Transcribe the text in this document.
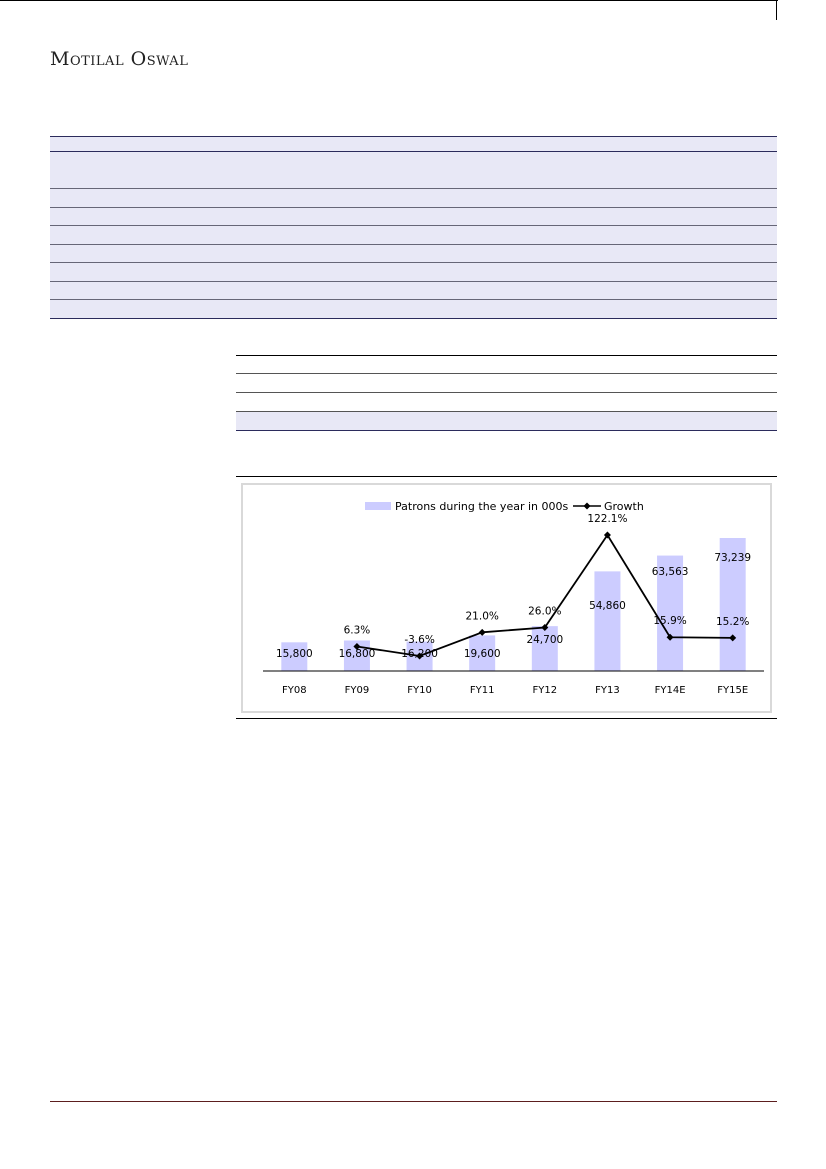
Motilal Oswal
Patrons during the year in 000s	Growth
FY08	FY09	FY10	FY11	FY12	FY13	FY14E	FY15E
15,800 16,800 16,200 19,600
24,700
54,860
63,563
73,239
6.3%
-3.6%
21.0%	26.0%
122.1%
15.9%	15.2%
